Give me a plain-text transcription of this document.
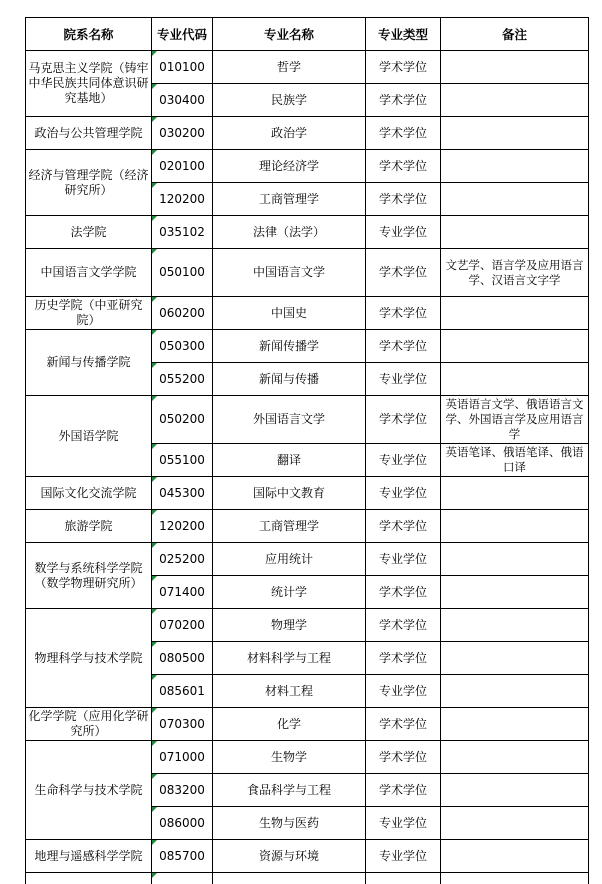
院系名称	专业代码	专业名称	专业类型	备注
马克思主义学院（铸牢中华民族共同体意识研究基地）	010100	哲学	学术学位	
	030400	民族学	学术学位	
政治与公共管理学院	030200	政治学	学术学位	
经济与管理学院（经济研究所）	020100	理论经济学	学术学位	
	120200	工商管理学	学术学位	
法学院	035102	法律（法学）	专业学位	
中国语言文学学院	050100	中国语言文学	学术学位	文艺学、语言学及应用语言学、汉语言文字学
历史学院（中亚研究院）	060200	中国史	学术学位	
新闻与传播学院	050300	新闻传播学	学术学位	
	055200	新闻与传播	专业学位	
外国语学院	050200	外国语言文学	学术学位	英语语言文学、俄语语言文学、外国语言学及应用语言学
	055100	翻译	专业学位	英语笔译、俄语笔译、俄语口译
国际文化交流学院	045300	国际中文教育	专业学位	
旅游学院	120200	工商管理学	学术学位	
数学与系统科学学院（数学物理研究所）	025200	应用统计	专业学位	
	071400	统计学	学术学位	
物理科学与技术学院	070200	物理学	学术学位	
	080500	材料科学与工程	学术学位	
	085601	材料工程	专业学位	
化学学院（应用化学研究所）	070300	化学	学术学位	
生命科学与技术学院	071000	生物学	学术学位	
	083200	食品科学与工程	学术学位	
	086000	生物与医药	专业学位	
地理与遥感科学学院	085700	资源与环境	专业学位	
